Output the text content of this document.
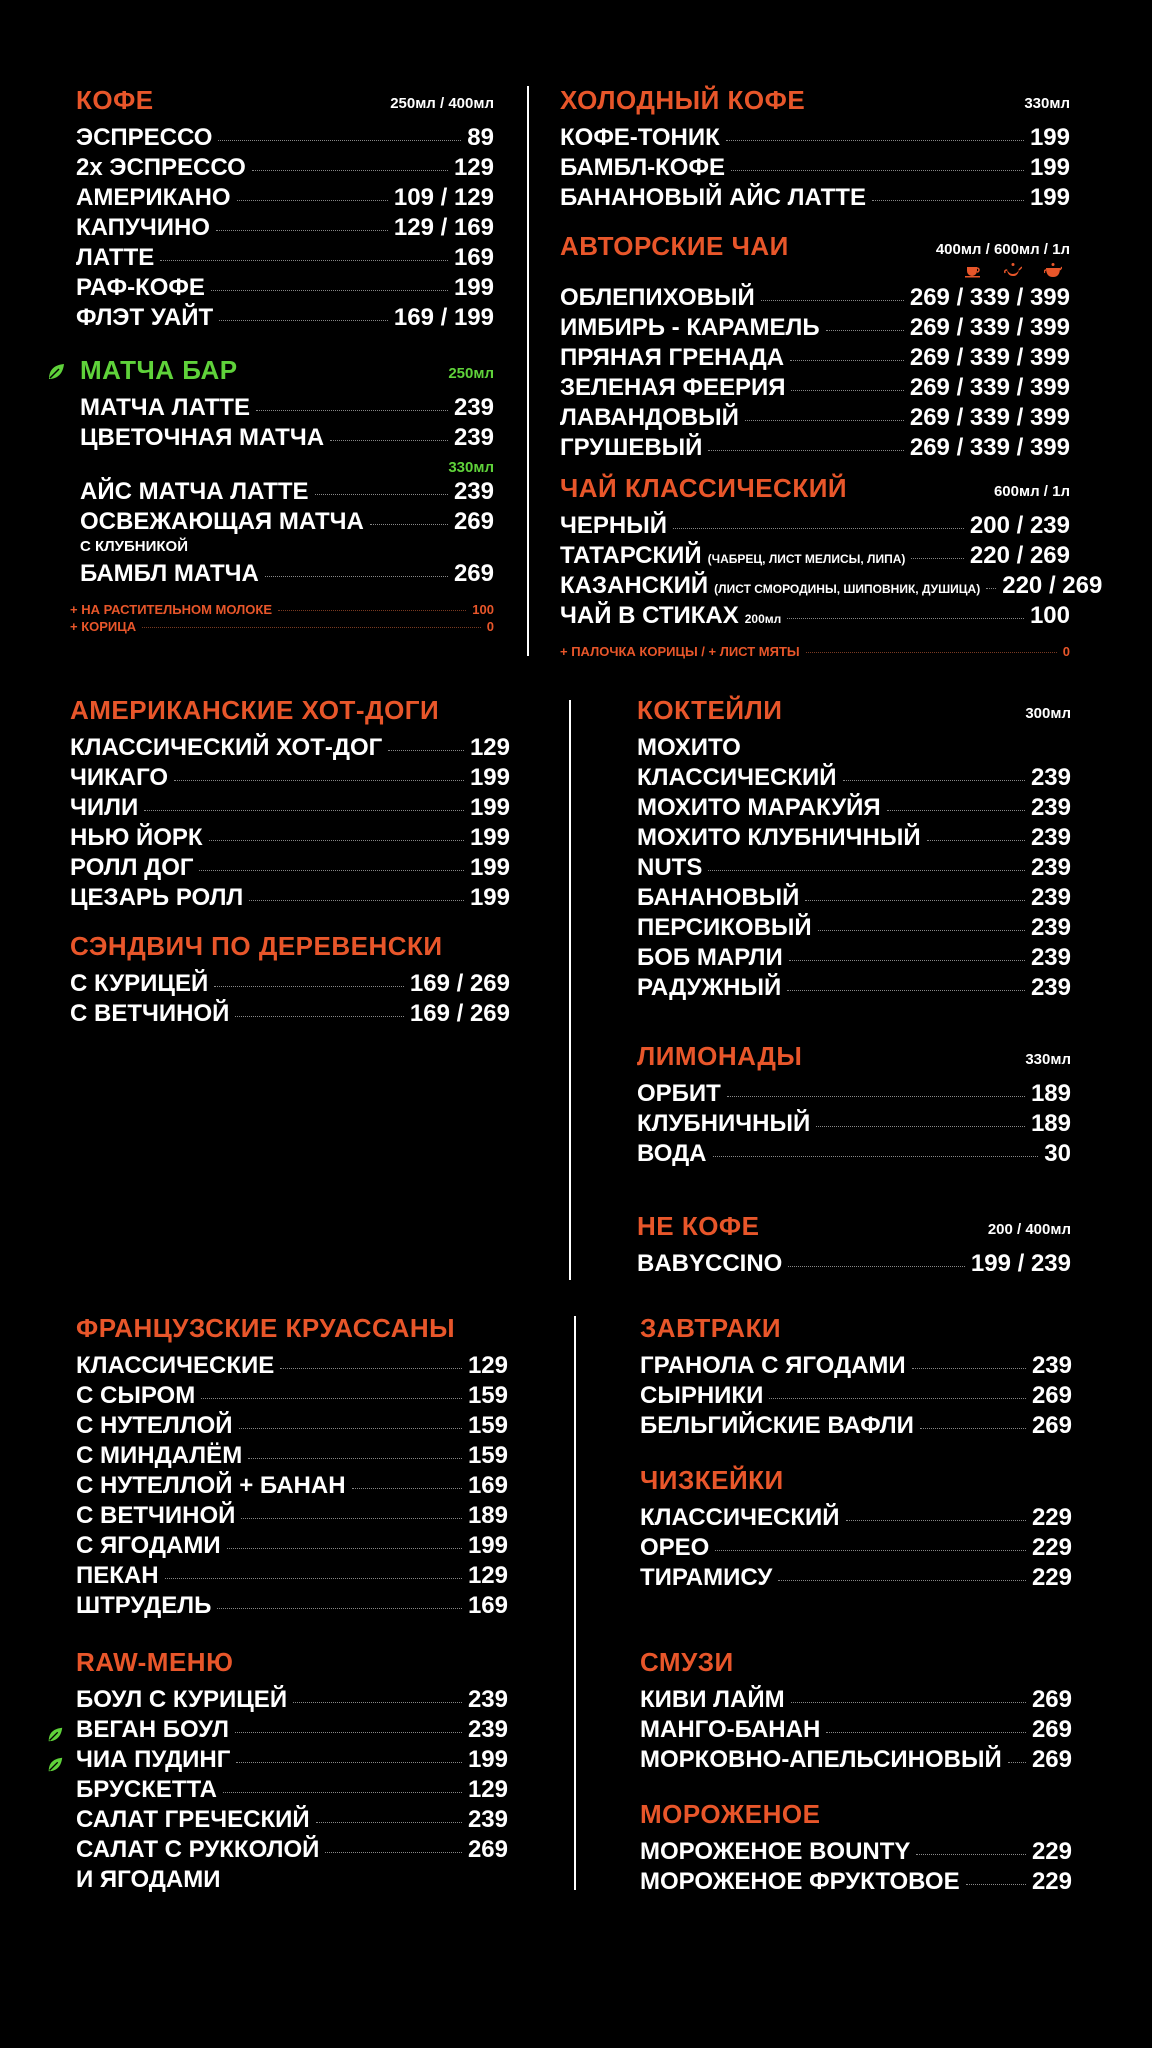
КОФЕ	250мл / 400мл
ЭСПРЕССО	89
2х ЭСПРЕССО	129
АМЕРИКАНО	109 / 129
КАПУЧИНО	129 / 169
ЛАТТЕ	169
РАФ-КОФЕ	199
ФЛЭТ УАЙТ	169 / 199
МАТЧА БАР	250мл
МАТЧА ЛАТТЕ	239
ЦВЕТОЧНАЯ МАТЧА	239
330мл
АЙС МАТЧА ЛАТТЕ	239
ОСВЕЖАЮЩАЯ МАТЧА	269
С КЛУБНИКОЙ
БАМБЛ МАТЧА	269
+ НА РАСТИТЕЛЬНОМ МОЛОКЕ	100
+ КОРИЦА	0
ХОЛОДНЫЙ КОФЕ	330мл
КОФЕ-ТОНИК	199
БАМБЛ-КОФЕ	199
БАНАНОВЫЙ АЙС ЛАТТЕ	199
АВТОРСКИЕ ЧАИ	400мл / 600мл / 1л
ОБЛЕПИХОВЫЙ	269 / 339 / 399
ИМБИРЬ - КАРАМЕЛЬ	269 / 339 / 399
ПРЯНАЯ ГРЕНАДА	269 / 339 / 399
ЗЕЛЕНАЯ ФЕЕРИЯ	269 / 339 / 399
ЛАВАНДОВЫЙ	269 / 339 / 399
ГРУШЕВЫЙ	269 / 339 / 399
ЧАЙ КЛАССИЧЕСКИЙ	600мл / 1л
ЧЕРНЫЙ	200 / 239
ТАТАРСКИЙ (ЧАБРЕЦ, ЛИСТ МЕЛИСЫ, ЛИПА)	220 / 269
КАЗАНСКИЙ (ЛИСТ СМОРОДИНЫ, ШИПОВНИК, ДУШИЦА) 220 / 269
ЧАЙ В СТИКАХ 200мл	100
+ ПАЛОЧКА КОРИЦЫ / + ЛИСТ МЯТЫ	0
АМЕРИКАНСКИЕ ХОТ-ДОГИ
КЛАССИЧЕСКИЙ ХОТ-ДОГ	129
ЧИКАГО	199
ЧИЛИ	199
НЬЮ ЙОРК	199
РОЛЛ ДОГ	199
ЦЕЗАРЬ РОЛЛ	199
СЭНДВИЧ ПО ДЕРЕВЕНСКИ
С КУРИЦЕЙ	169 / 269
С ВЕТЧИНОЙ	169 / 269
КОКТЕЙЛИ	300мл
МОХИТО
КЛАССИЧЕСКИЙ	239
МОХИТО МАРАКУЙЯ	239
МОХИТО КЛУБНИЧНЫЙ	239
NUTS	239
БАНАНОВЫЙ	239
ПЕРСИКОВЫЙ	239
БОБ МАРЛИ	239
РАДУЖНЫЙ	239
ЛИМОНАДЫ	330мл
ОРБИТ	189
КЛУБНИЧНЫЙ	189
ВОДА	30
НЕ КОФЕ	200 / 400мл
BABYCCINO	199 / 239
ФРАНЦУЗСКИЕ КРУАССАНЫ
КЛАССИЧЕСКИЕ	129
С СЫРОМ	159
С НУТЕЛЛОЙ	159
С МИНДАЛЁМ	159
С НУТЕЛЛОЙ + БАНАН	169
С ВЕТЧИНОЙ	189
С ЯГОДАМИ	199
ПЕКАН	129
ШТРУДЕЛЬ	169
RAW-МЕНЮ
БОУЛ С КУРИЦЕЙ	239
ВЕГАН БОУЛ	239
ЧИА ПУДИНГ	199
БРУСКЕТТА	129
САЛАТ ГРЕЧЕСКИЙ	239
САЛАТ С РУККОЛОЙ	269
И ЯГОДАМИ
ЗАВТРАКИ
ГРАНОЛА С ЯГОДАМИ	239
СЫРНИКИ	269
БЕЛЬГИЙСКИЕ ВАФЛИ	269
ЧИЗКЕЙКИ
КЛАССИЧЕСКИЙ	229
ОРЕО	229
ТИРАМИСУ	229
СМУЗИ
КИВИ ЛАЙМ	269
МАНГО-БАНАН	269
МОРКОВНО-АПЕЛЬСИНОВЫЙ 269
МОРОЖЕНОЕ
МОРОЖЕНОЕ BOUNTY	229
МОРОЖЕНОЕ ФРУКТОВОЕ	229
